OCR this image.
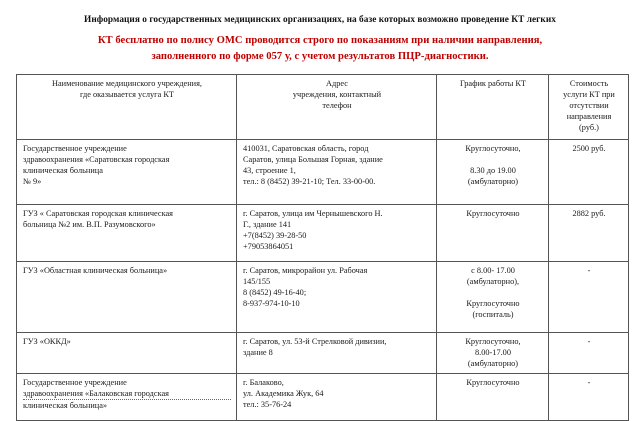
Информация о государственных медицинских организациях, на базе которых возможно проведение КТ легких
КТ бесплатно по полису ОМС проводится строго по показаниям при наличии направления,
заполненного по форме 057 у, с учетом результатов ПЦР-диагностики.
Наименование медицинского учреждения,
где оказывается услуга КТ	Адрес
учреждения, контактный
телефон	График работы КТ	Стоимость
услуги КТ при
отсутствии
направления
(руб.)

Государственное учреждение
здравоохранения «Саратовская городская
клиническая больница
№ 9»	410031, Саратовская область, город
Саратов, улица Большая Горная, здание
43, строение 1,
тел.: 8 (8452) 39-21-10; Тел. 33-00-00.	Круглосуточно,
8.30 до 19.00
(амбулаторно)	2500 руб.

ГУЗ « Саратовская городская клиническая
больница №2 им. В.П. Разумовского»	г. Саратов, улица им Чернышевского Н.
Г., здание 141
+7(8452) 39-28-50
+79053864051	Круглосуточно	2882 руб.

ГУЗ «Областная клиническая больница»	г. Саратов, микрорайон ул. Рабочая
145/155
8 (8452) 49-16-40;
8-937-974-10-10	с 8.00- 17.00
(амбулаторно),
Круглосуточно
(госпиталь)	-

ГУЗ «ОККД»	г. Саратов, ул. 53-й Стрелковой дивизии,
здание 8	Круглосуточно,
8.00-17.00
(амбулаторно)	-

Государственное учреждение
здравоохранения «Балаковская городская
клиническая больница»	г. Балаково,
ул. Академика Жук, 64
тел.: 35-76-24	Круглосуточно	-
